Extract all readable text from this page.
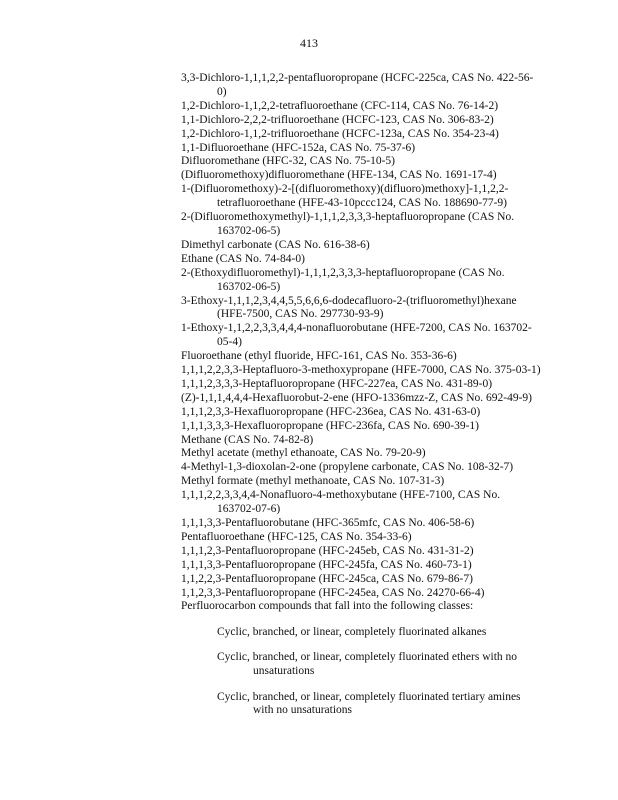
413

3,3-Dichloro-1,1,1,2,2-pentafluoropropane (HCFC-225ca, CAS No. 422-56-0)

1,2-Dichloro-1,1,2,2-tetrafluoroethane (CFC-114, CAS No. 76-14-2)

1,1-Dichloro-2,2,2-trifluoroethane (HCFC-123, CAS No. 306-83-2)

1,2-Dichloro-1,1,2-trifluoroethane (HCFC-123a, CAS No. 354-23-4)

1,1-Difluoroethane (HFC-152a, CAS No. 75-37-6)

Difluoromethane (HFC-32, CAS No. 75-10-5)

(Difluoromethoxy)difluoromethane (HFE-134, CAS No. 1691-17-4)

1-(Difluoromethoxy)-2-[(difluoromethoxy)(difluoro)methoxy]-1,1,2,2-tetrafluoroethane (HFE-43-10pccc124, CAS No. 188690-77-9)

2-(Difluoromethoxymethyl)-1,1,1,2,3,3,3-heptafluoropropane (CAS No. 163702-06-5)

Dimethyl carbonate (CAS No. 616-38-6)

Ethane (CAS No. 74-84-0)

2-(Ethoxydifluoromethyl)-1,1,1,2,3,3,3-heptafluoropropane (CAS No. 163702-06-5)

3-Ethoxy-1,1,1,2,3,4,4,5,5,6,6,6-dodecafluoro-2-(trifluoromethyl)hexane (HFE-7500, CAS No. 297730-93-9)

1-Ethoxy-1,1,2,2,3,3,4,4,4-nonafluorobutane (HFE-7200, CAS No. 163702-05-4)

Fluoroethane (ethyl fluoride, HFC-161, CAS No. 353-36-6)

1,1,1,2,2,3,3-Heptafluoro-3-methoxypropane (HFE-7000, CAS No. 375-03-1)

1,1,1,2,3,3,3-Heptafluoropropane (HFC-227ea, CAS No. 431-89-0)

(Z)-1,1,1,4,4,4-Hexafluorobut-2-ene (HFO-1336mzz-Z, CAS No. 692-49-9)

1,1,1,2,3,3-Hexafluoropropane (HFC-236ea, CAS No. 431-63-0)

1,1,1,3,3,3-Hexafluoropropane (HFC-236fa, CAS No. 690-39-1)

Methane (CAS No. 74-82-8)

Methyl acetate (methyl ethanoate, CAS No. 79-20-9)

4-Methyl-1,3-dioxolan-2-one (propylene carbonate, CAS No. 108-32-7)

Methyl formate (methyl methanoate, CAS No. 107-31-3)

1,1,1,2,2,3,3,4,4-Nonafluoro-4-methoxybutane (HFE-7100, CAS No. 163702-07-6)

1,1,1,3,3-Pentafluorobutane (HFC-365mfc, CAS No. 406-58-6)

Pentafluoroethane (HFC-125, CAS No. 354-33-6)

1,1,1,2,3-Pentafluoropropane (HFC-245eb, CAS No. 431-31-2)

1,1,1,3,3-Pentafluoropropane (HFC-245fa, CAS No. 460-73-1)

1,1,2,2,3-Pentafluoropropane (HFC-245ca, CAS No. 679-86-7)

1,1,2,3,3-Pentafluoropropane (HFC-245ea, CAS No. 24270-66-4)

Perfluorocarbon compounds that fall into the following classes:

Cyclic, branched, or linear, completely fluorinated alkanes

Cyclic, branched, or linear, completely fluorinated ethers with no unsaturations

Cyclic, branched, or linear, completely fluorinated tertiary amines with no unsaturations
